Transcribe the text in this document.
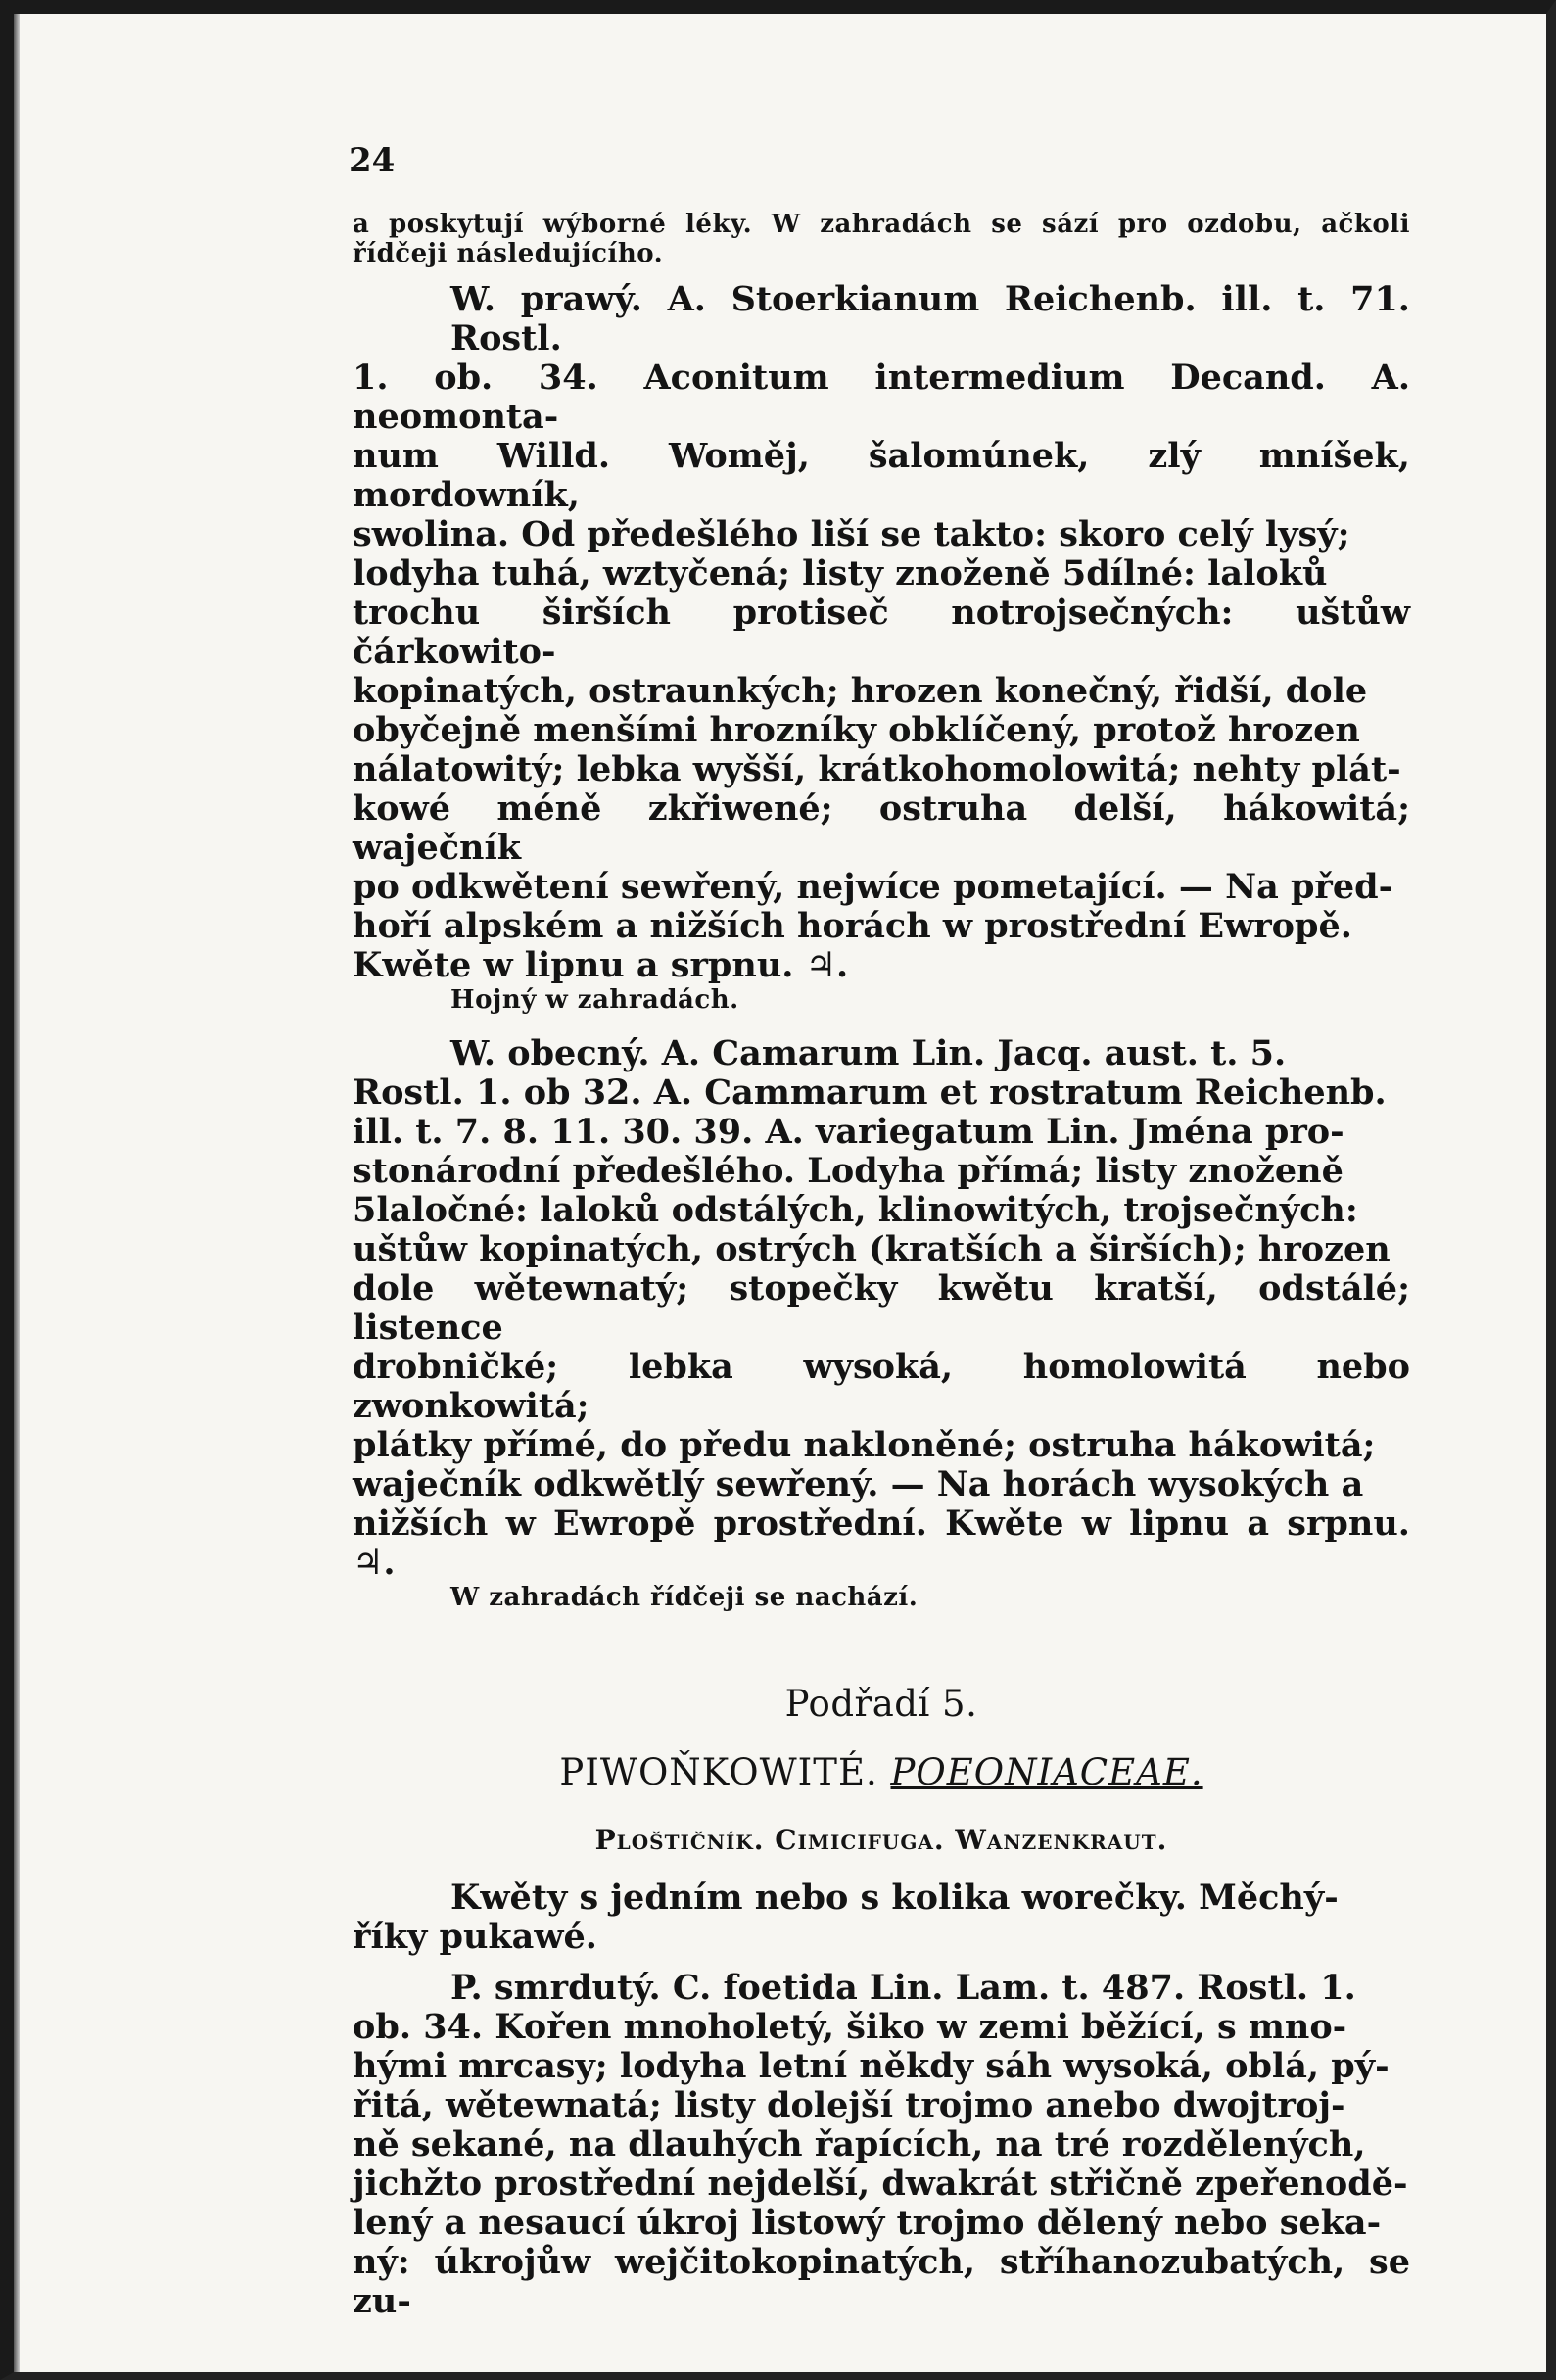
24
a poskytují wýborné léky. W zahradách se sází pro ozdobu, ačkoli řídčeji následujícího.
W. prawý. A. Stoerkianum Reichenb. ill. t. 71. Rostl.
1. ob. 34. Aconitum intermedium Decand. A. neomonta-
num Willd. Woměj, šalomúnek, zlý mníšek, mordowník,
swolina. Od předešlého liší se takto: skoro celý lysý;
lodyha tuhá, wztyčená; listy znoženě 5dílné: laloků
trochu širších protiseč notrojsečných: uštůw čárkowito-
kopinatých, ostraunkých; hrozen konečný, řidší, dole
obyčejně menšími hrozníky obklíčený, protož hrozen
nálatowitý; lebka wyšší, krátkohomolowitá; nehty plát-
kowé méně zkřiwené; ostruha delší, hákowitá; waječník
po odkwětení sewřený, nejwíce pometající. — Na před-
hoří alpském a nižších horách w prostřední Ewropě.
Kwěte w lipnu a srpnu. ♃.
Hojný w zahradách.
W. obecný. A. Camarum Lin. Jacq. aust. t. 5.
Rostl. 1. ob 32. A. Cammarum et rostratum Reichenb.
ill. t. 7. 8. 11. 30. 39. A. variegatum Lin. Jména pro-
stonárodní předešlého. Lodyha přímá; listy znoženě
5laločné: laloků odstálých, klinowitých, trojsečných:
uštůw kopinatých, ostrých (kratších a širších); hrozen
dole wětewnatý; stopečky kwětu kratší, odstálé; listence
drobničké; lebka wysoká, homolowitá nebo zwonkowitá;
plátky přímé, do předu nakloněné; ostruha hákowitá;
waječník odkwětlý sewřený. — Na horách wysokých a
nižších w Ewropě prostřední. Kwěte w lipnu a srpnu. ♃.
W zahradách řídčeji se nachází.
Podřadí 5.
PIWOŇKOWITÉ. POEONIACEAE.
Ploštičník. Cimicifuga. Wanzenkraut.
Kwěty s jedním nebo s kolika worečky. Měchý-
říky pukawé.
P. smrdutý. C. foetida Lin. Lam. t. 487. Rostl. 1.
ob. 34. Kořen mnoholetý, šiko w zemi běžící, s mno-
hými mrcasy; lodyha letní někdy sáh wysoká, oblá, pý-
řitá, wětewnatá; listy dolejší trojmo anebo dwojtroj-
ně sekané, na dlauhých řapících, na tré rozdělených,
jichžto prostřední nejdelší, dwakrát střičně zpeřenodě-
lený a nesaucí úkroj listowý trojmo dělený nebo seka-
ný: úkrojůw wejčitokopinatých, stříhanozubatých, se zu-
